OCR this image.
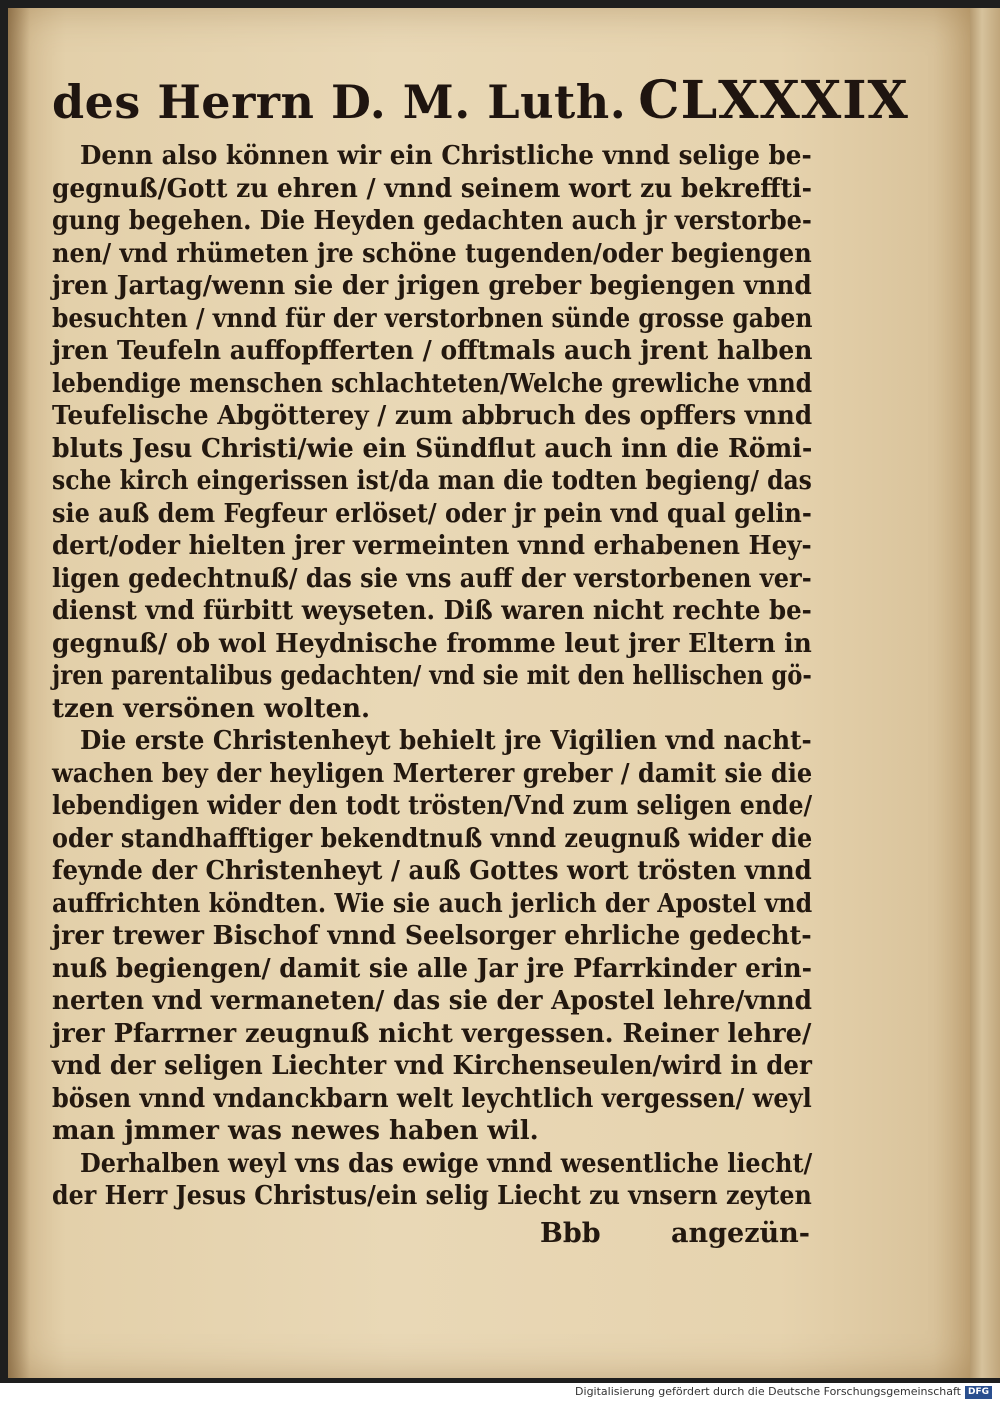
des Herrn D. M. Luth. CLXXXIX
Denn also können wir ein Christliche vnnd selige be-
gegnuß/Gott zu ehren / vnnd seinem wort zu bekreffti-
gung begehen. Die Heyden gedachten auch jr verstorbe-
nen/ vnd rhümeten jre schöne tugenden/oder begiengen
jren Jartag/wenn sie der jrigen greber begiengen vnnd
besuchten / vnnd für der verstorbnen sünde grosse gaben
jren Teufeln auffopfferten / offtmals auch jrent halben
lebendige menschen schlachteten/Welche grewliche vnnd
Teufelische Abgötterey / zum abbruch des opffers vnnd
bluts Jesu Christi/wie ein Sündflut auch inn die Römi-
sche kirch eingerissen ist/da man die todten begieng/ das
sie auß dem Fegfeur erlöset/ oder jr pein vnd qual gelin-
dert/oder hielten jrer vermeinten vnnd erhabenen Hey-
ligen gedechtnuß/ das sie vns auff der verstorbenen ver-
dienst vnd fürbitt weyseten. Diß waren nicht rechte be-
gegnuß/ ob wol Heydnische fromme leut jrer Eltern in
jren parentalibus gedachten/ vnd sie mit den hellischen gö-
tzen versönen wolten.
Die erste Christenheyt behielt jre Vigilien vnd nacht-
wachen bey der heyligen Merterer greber / damit sie die
lebendigen wider den todt trösten/Vnd zum seligen ende/
oder standhafftiger bekendtnuß vnnd zeugnuß wider die
feynde der Christenheyt / auß Gottes wort trösten vnnd
auffrichten köndten. Wie sie auch jerlich der Apostel vnd
jrer trewer Bischof vnnd Seelsorger ehrliche gedecht-
nuß begiengen/ damit sie alle Jar jre Pfarrkinder erin-
nerten vnd vermaneten/ das sie der Apostel lehre/vnnd
jrer Pfarrner zeugnuß nicht vergessen. Reiner lehre/
vnd der seligen Liechter vnd Kirchenseulen/wird in der
bösen vnnd vndanckbarn welt leychtlich vergessen/ weyl
man jmmer was newes haben wil.
Derhalben weyl vns das ewige vnnd wesentliche liecht/
der Herr Jesus Christus/ein selig Liecht zu vnsern zeyten
Bbb	angezün-
Digitalisierung gefördert durch die Deutsche Forschungsgemeinschaft DFG
